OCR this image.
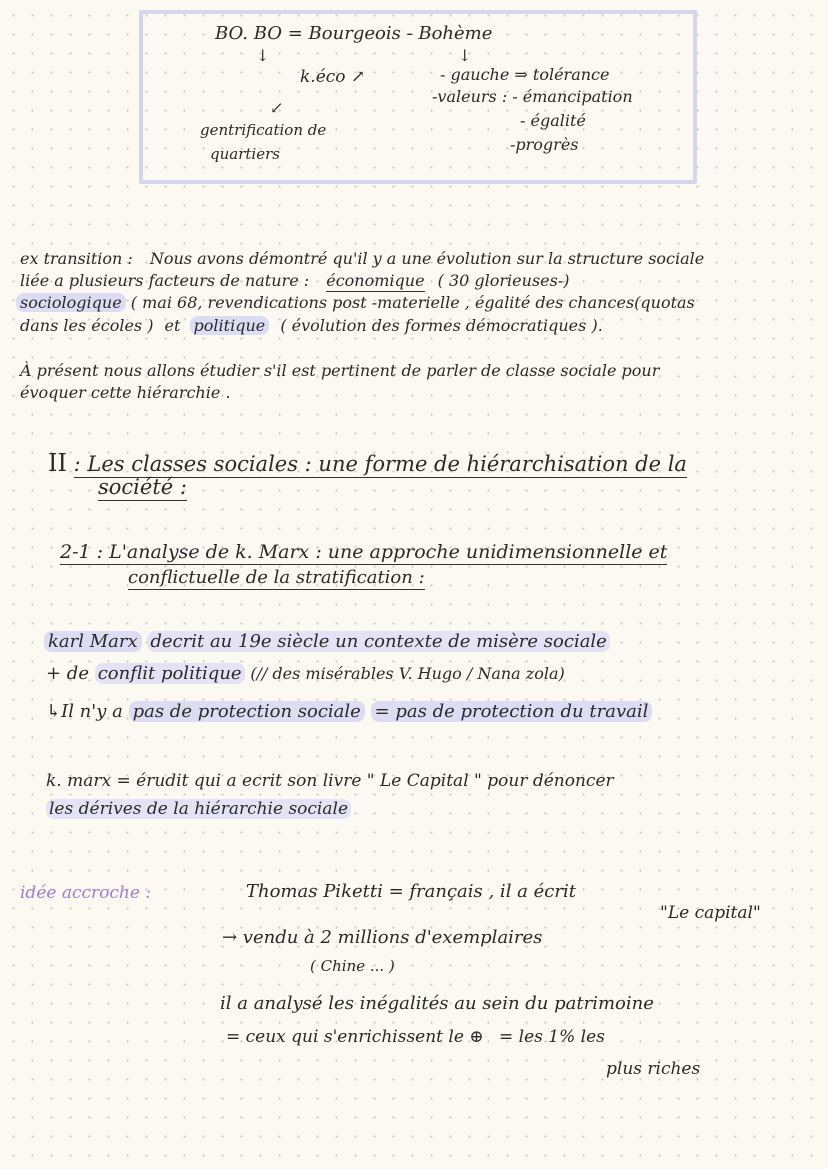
BO. BO = Bourgeois - Bohème
↓	↓
k.éco ↗
↙
gentrification de
quartiers
- gauche ⇒ tolérance
-valeurs : - émancipation
- égalité
-progrès
ex transition : Nous avons démontré qu'il y a une évolution sur la structure sociale
liée a plusieurs facteurs de nature : économique ( 30 glorieuses-)
sociologique ( mai 68, revendications post -materielle , égalité des chances(quotas
dans les écoles ) et politique ( évolution des formes démocratiques ).
À présent nous allons étudier s'il est pertinent de parler de classe sociale pour
évoquer cette hiérarchie .
II : Les classes sociales : une forme de hiérarchisation de la
société :
2-1 : L'analyse de k. Marx : une approche unidimensionnelle et
conflictuelle de la stratification :
karl Marx decrit au 19e siècle un contexte de misère sociale
+ de conflit politique (// des misérables V. Hugo / Nana zola)
↳Il n'y a pas de protection sociale = pas de protection du travail
k. marx = érudit qui a ecrit son livre " Le Capital " pour dénoncer
les dérives de la hiérarchie sociale
idée accroche :	Thomas Piketti = français , il a écrit
"Le capital"
→ vendu à 2 millions d'exemplaires
( Chine ... )
il a analysé les inégalités au sein du patrimoine
= ceux qui s'enrichissent le ⊕ = les 1% les
plus riches
